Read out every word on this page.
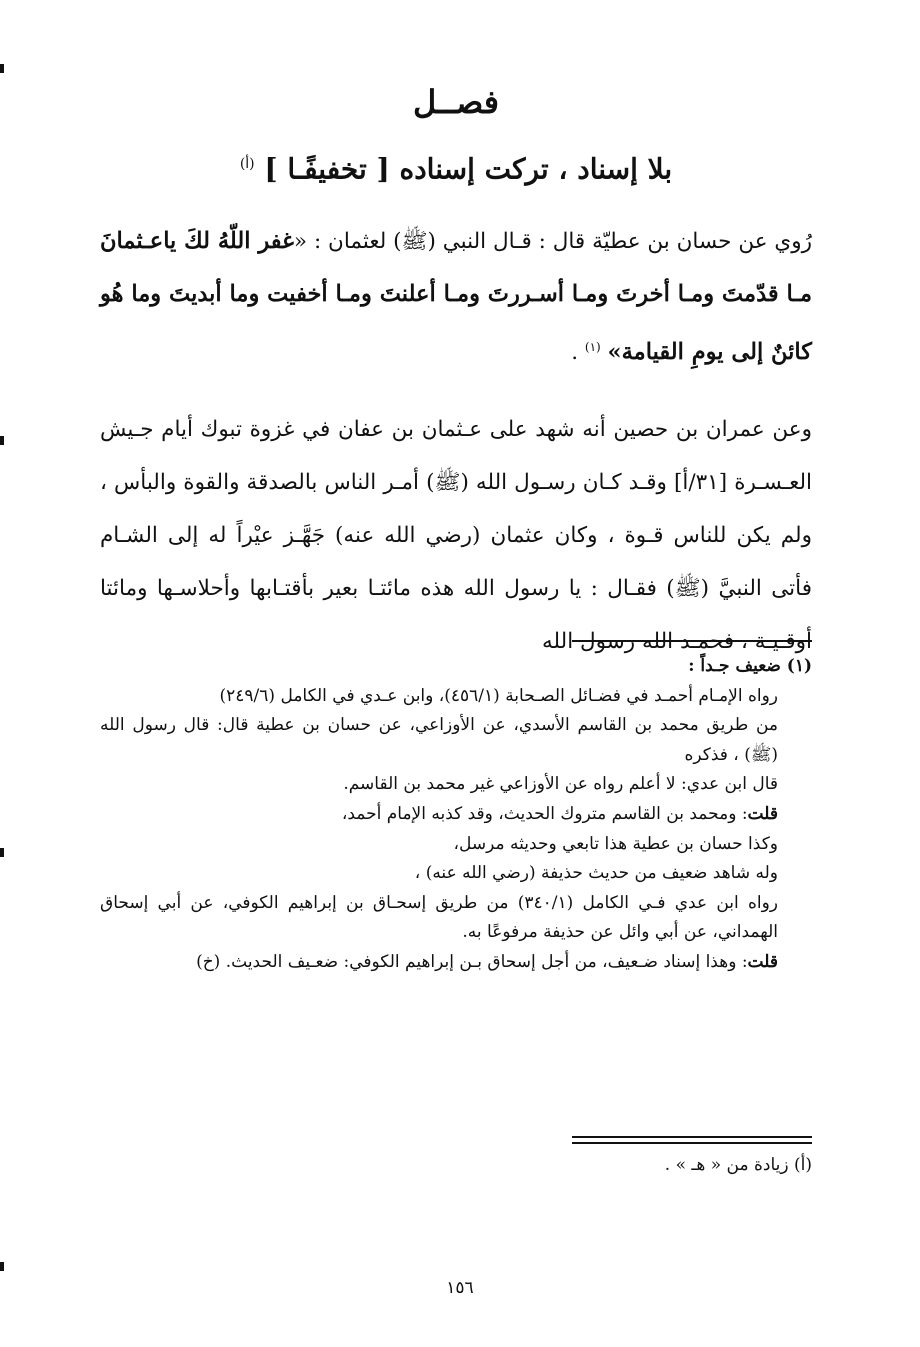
فصــل
بلا إسناد ، تركت إسناده [ تخفيفًـا ] $^{(أ)}$

رُوي عن حسان بن عطيّة قال : قـال النبي (ﷺ) لعثمان : «غفر اللّهُ لكَ ياعـثمانَ مـا قدّمتَ ومـا أخرتَ ومـا أسـررتَ ومـا أعلنتَ ومـا أخفيت وما أبديتَ وما هُو كائنٌ إلى يومِ القيامة» $^{(١)}$ .

وعن عمران بن حصين أنه شهد على عـثمان بن عفان في غزوة تبوك أيام جـيش العـسـرة [٣١/أ] وقـد كـان رسـول الله (ﷺ) أمـر الناس بالصدقة والقوة والبأس ، ولم يكن للناس قـوة ، وكان عثمان (رضي الله عنه) جَهَّـز عيْراً له إلى الشـام فأتى النبيَّ (ﷺ) فقـال : يا رسول الله هذه مائتـا بعير بأقتـابها وأحلاسـها ومائتا أوقـيـة ، فحمـد الله رسول الله

(١) ضعيف جـداً :

رواه الإمـام أحمـد في فضـائل الصـحابة (٤٥٦/١)، وابن عـدي في الكامل (٢٤٩/٦)

من طريق محمد بن القاسم الأسدي، عن الأوزاعي، عن حسان بن عطية قال: قال رسول الله (ﷺ) ، فذكره

قال ابن عدي: لا أعلم رواه عن الأوزاعي غير محمد بن القاسم.

قلت: ومحمد بن القاسم متروك الحديث، وقد كذبه الإمام أحمد،

وكذا حسان بن عطية هذا تابعي وحديثه مرسل،

وله شاهد ضعيف من حديث حذيفة (رضي الله عنه) ،

رواه ابن عدي فـي الكامل (٣٤٠/١) من طريق إسحـاق بن إبراهيم الكوفي، عن أبي إسحاق الهمداني، عن أبي وائل عن حذيفة مرفوعًا به.

قلت: وهذا إسناد ضـعيف، من أجل إسحاق بـن إبراهيم الكوفي: ضعـيف الحديث. (خ)

(أ) زيادة من « هـ » .
١٥٦
